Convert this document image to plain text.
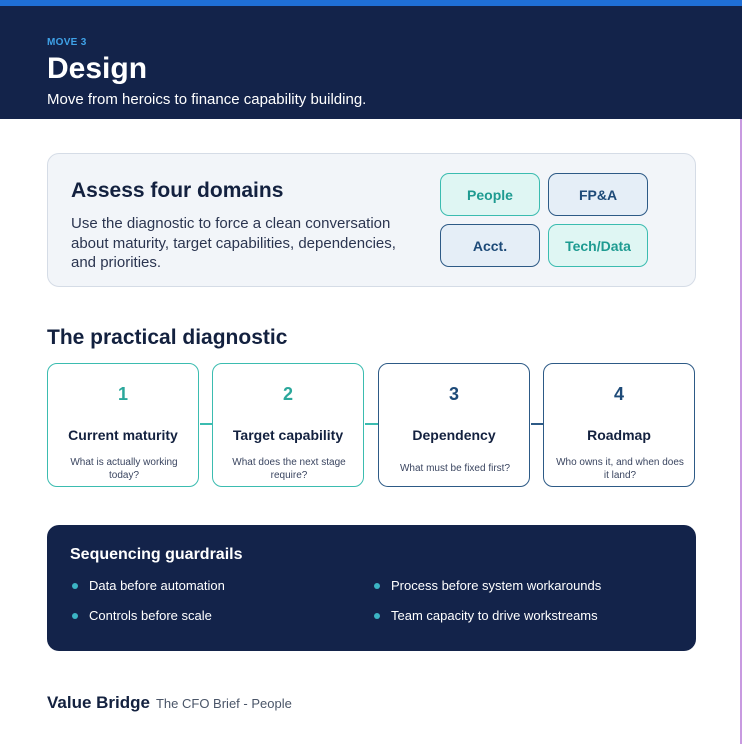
MOVE 3
Design
Move from heroics to finance capability building.
Assess four domains
Use the diagnostic to force a clean conversation about maturity, target capabilities, dependencies, and priorities.
People	FP&A
Acct.	Tech/Data
The practical diagnostic
1
Current maturity
What is actually working today?
2
Target capability
What does the next stage require?
3
Dependency
What must be fixed first?
4
Roadmap
Who owns it, and when does it land?
Sequencing guardrails
Data before automation	Process before system workarounds
Controls before scale	Team capacity to drive workstreams
Value Bridge The CFO Brief - People
